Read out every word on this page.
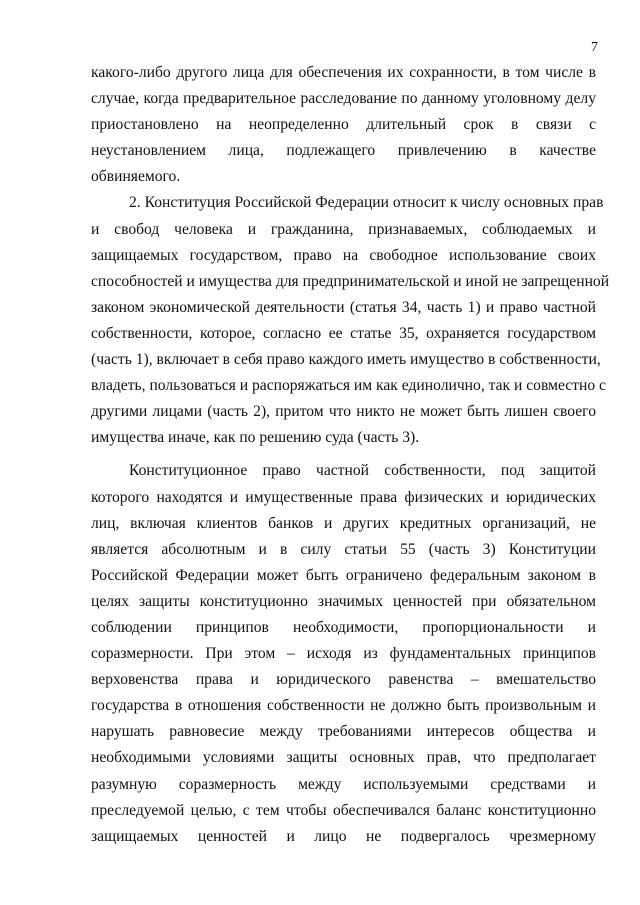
7

какого-либо другого лица для обеспечения их сохранности, в том числе в
случае, когда предварительное расследование по данному уголовному делу
приостановлено на неопределенно длительный срок в связи с
неустановлением лица, подлежащего привлечению в качестве
обвиняемого.

2. Конституция Российской Федерации относит к числу основных прав
и свобод человека и гражданина, признаваемых, соблюдаемых и
защищаемых государством, право на свободное использование своих
способностей и имущества для предпринимательской и иной не запрещенной
законом экономической деятельности (статья 34, часть 1) и право частной
собственности, которое, согласно ее статье 35, охраняется государством
(часть 1), включает в себя право каждого иметь имущество в собственности,
владеть, пользоваться и распоряжаться им как единолично, так и совместно с
другими лицами (часть 2), притом что никто не может быть лишен своего
имущества иначе, как по решению суда (часть 3).

Конституционное право частной собственности, под защитой
которого находятся и имущественные права физических и юридических
лиц, включая клиентов банков и других кредитных организаций, не
является абсолютным и в силу статьи 55 (часть 3) Конституции
Российской Федерации может быть ограничено федеральным законом в
целях защиты конституционно значимых ценностей при обязательном
соблюдении принципов необходимости, пропорциональности и
соразмерности. При этом – исходя из фундаментальных принципов
верховенства права и юридического равенства – вмешательство
государства в отношения собственности не должно быть произвольным и
нарушать равновесие между требованиями интересов общества и
необходимыми условиями защиты основных прав, что предполагает
разумную соразмерность между используемыми средствами и
преследуемой целью, с тем чтобы обеспечивался баланс конституционно
защищаемых ценностей и лицо не подвергалось чрезмерному
